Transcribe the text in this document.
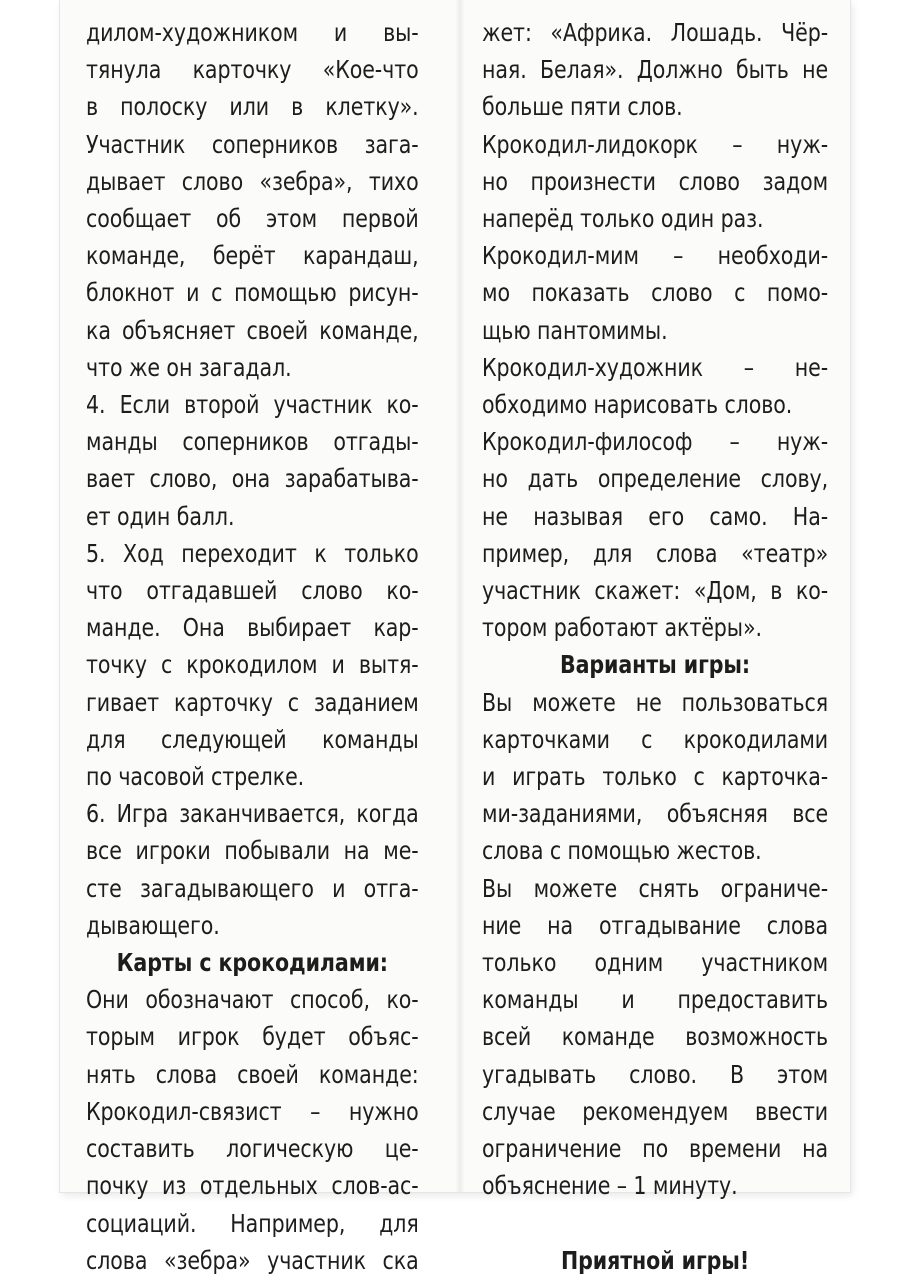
дилом-художником и вы-
тянула карточку «Кое-что
в полоску или в клетку».
Участник соперников зага-
дывает слово «зебра», тихо
сообщает об этом первой
команде, берёт карандаш,
блокнот и с помощью рисун-
ка объясняет своей команде,
что же он загадал.
4. Если второй участник ко-
манды соперников отгады-
вает слово, она зарабатыва-
ет один балл.
5. Ход переходит к только
что отгадавшей слово ко-
манде. Она выбирает кар-
точку с крокодилом и вытя-
гивает карточку с заданием
для следующей команды
по часовой стрелке.
6. Игра заканчивается, когда
все игроки побывали на ме-
сте загадывающего и отга-
дывающего.
Карты с крокодилами:
Они обозначают способ, ко-
торым игрок будет объяс-
нять слова своей команде:
Крокодил-связист – нужно
составить логическую це-
почку из отдельных слов-ас-
социаций. Например, для
слова «зебра» участник ска
жет: «Африка. Лошадь. Чёр-
ная. Белая». Должно быть не
больше пяти слов.
Крокодил-лидокорк – нуж-
но произнести слово задом
наперёд только один раз.
Крокодил-мим – необходи-
мо показать слово с помо-
щью пантомимы.
Крокодил-художник – не-
обходимо нарисовать слово.
Крокодил-философ – нуж-
но дать определение слову,
не называя его само. На-
пример, для слова «театр»
участник скажет: «Дом, в ко-
тором работают актёры».
Варианты игры:
Вы можете не пользоваться
карточками с крокодилами
и играть только с карточка-
ми-заданиями, объясняя все
слова с помощью жестов.
Вы можете снять ограниче-
ние на отгадывание слова
только одним участником
команды и предоставить
всей команде возможность
угадывать слово. В этом
случае рекомендуем ввести
ограничение по времени на
объяснение – 1 минуту.
Приятной игры!
